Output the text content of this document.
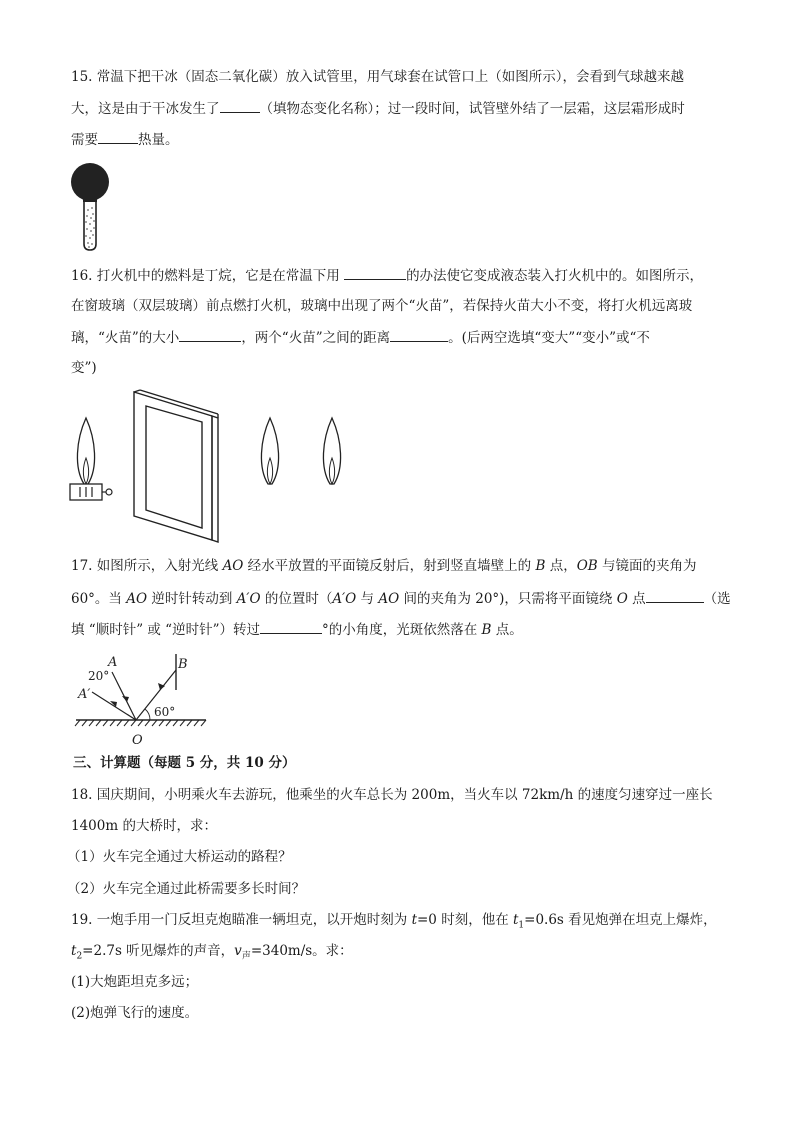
15. 常温下把干冰（固态二氧化碳）放入试管里，用气球套在试管口上（如图所示），会看到气球越来越
大，这是由于干冰发生了	（填物态变化名称）；过一段时间，试管壁外结了一层霜，这层霜形成时
需要	热量。
16. 打火机中的燃料是丁烷，它是在常温下用	的办法使它变成液态装入打火机中的。如图所示，
在窗玻璃（双层玻璃）前点燃打火机，玻璃中出现了两个“火苗”，若保持火苗大小不变，将打火机远离玻
璃，“火苗”的大小	，两个“火苗”之间的距离	。(后两空选填“变大”“变小”或“不
变”)
17. 如图所示，入射光线 AO 经水平放置的平面镜反射后，射到竖直墙壁上的 B 点，OB 与镜面的夹角为
60°。当 AO 逆时针转动到 A′O 的位置时（A′O 与 AO 间的夹角为 20°)，只需将平面镜绕 O 点	（选
填 “顺时针” 或 “逆时针”）转过	°的小角度，光斑依然落在 B 点。
A
A′
B
O
20°
60°
三、计算题（每题 5 分，共 10 分）
18. 国庆期间，小明乘火车去游玩，他乘坐的火车总长为 200m，当火车以 72km/h 的速度匀速穿过一座长
1400m 的大桥时，求：
（1）火车完全通过大桥运动的路程？
（2）火车完全通过此桥需要多长时间？
19. 一炮手用一门反坦克炮瞄准一辆坦克，以开炮时刻为 t=0 时刻，他在 $t_1=0.6s$ 看见炮弹在坦克上爆炸，
$t_2=2.7s$ 听见爆炸的声音，$v_声=340m/s$。求：
(1)大炮距坦克多远；
(2)炮弹飞行的速度。
